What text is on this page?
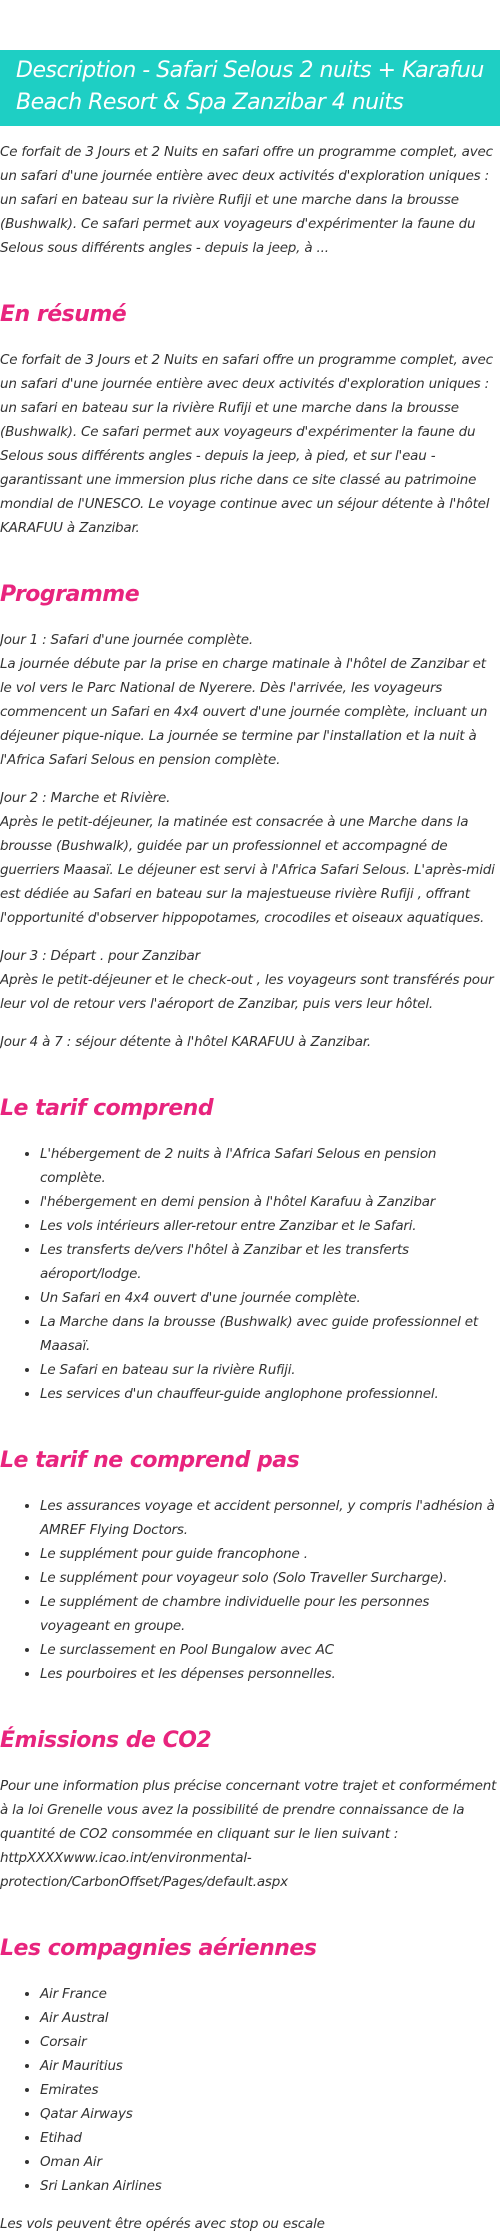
Description - Safari Selous 2 nuits + Karafuu Beach Resort & Spa Zanzibar 4 nuits

Ce forfait de 3 Jours et 2 Nuits en safari offre un programme complet, avec un safari d'une journée entière avec deux activités d'exploration uniques : un safari en bateau sur la rivière Rufiji et une marche dans la brousse (Bushwalk). Ce safari permet aux voyageurs d'expérimenter la faune du Selous sous différents angles - depuis la jeep, à ...

En résumé

Ce forfait de 3 Jours et 2 Nuits en safari offre un programme complet, avec un safari d'une journée entière avec deux activités d'exploration uniques : un safari en bateau sur la rivière Rufiji et une marche dans la brousse (Bushwalk). Ce safari permet aux voyageurs d'expérimenter la faune du Selous sous différents angles - depuis la jeep, à pied, et sur l'eau - garantissant une immersion plus riche dans ce site classé au patrimoine mondial de l'UNESCO. Le voyage continue avec un séjour détente à l'hôtel KARAFUU à Zanzibar.

Programme

Jour 1 : Safari d'une journée complète.
La journée débute par la prise en charge matinale à l'hôtel de Zanzibar et le vol vers le Parc National de Nyerere. Dès l'arrivée, les voyageurs commencent un Safari en 4x4 ouvert d'une journée complète, incluant un déjeuner pique-nique. La journée se termine par l'installation et la nuit à l'Africa Safari Selous en pension complète.

Jour 2 : Marche et Rivière.
Après le petit-déjeuner, la matinée est consacrée à une Marche dans la brousse (Bushwalk), guidée par un professionnel et accompagné de guerriers Maasaï. Le déjeuner est servi à l'Africa Safari Selous. L'après-midi est dédiée au Safari en bateau sur la majestueuse rivière Rufiji , offrant l'opportunité d'observer hippopotames, crocodiles et oiseaux aquatiques.

Jour 3 : Départ . pour Zanzibar
Après le petit-déjeuner et le check-out , les voyageurs sont transférés pour leur vol de retour vers l'aéroport de Zanzibar, puis vers leur hôtel.

Jour 4 à 7 : séjour détente à l'hôtel KARAFUU à Zanzibar.

Le tarif comprend
• L'hébergement de 2 nuits à l'Africa Safari Selous en pension complète.
• l'hébergement en demi pension à l'hôtel Karafuu à Zanzibar
• Les vols intérieurs aller-retour entre Zanzibar et le Safari.
• Les transferts de/vers l'hôtel à Zanzibar et les transferts aéroport/lodge.
• Un Safari en 4x4 ouvert d'une journée complète.
• La Marche dans la brousse (Bushwalk) avec guide professionnel et Maasaï.
• Le Safari en bateau sur la rivière Rufiji.
• Les services d'un chauffeur-guide anglophone professionnel.
Le tarif ne comprend pas
• Les assurances voyage et accident personnel, y compris l'adhésion à AMREF Flying Doctors.
• Le supplément pour guide francophone .
• Le supplément pour voyageur solo (Solo Traveller Surcharge).
• Le supplément de chambre individuelle pour les personnes voyageant en groupe.
• Le surclassement en Pool Bungalow avec AC
• Les pourboires et les dépenses personnelles.
Émissions de CO2

Pour une information plus précise concernant votre trajet et conformément à la loi Grenelle vous avez la possibilité de prendre connaissance de la quantité de CO2 consommée en cliquant sur le lien suivant : httpXXXXwww.icao.int/environmental-protection/CarbonOffset/Pages/default.aspx

Les compagnies aériennes
• Air France
• Air Austral
• Corsair
• Air Mauritius
• Emirates
• Qatar Airways
• Etihad
• Oman Air
• Sri Lankan Airlines

Les vols peuvent être opérés avec stop ou escale
